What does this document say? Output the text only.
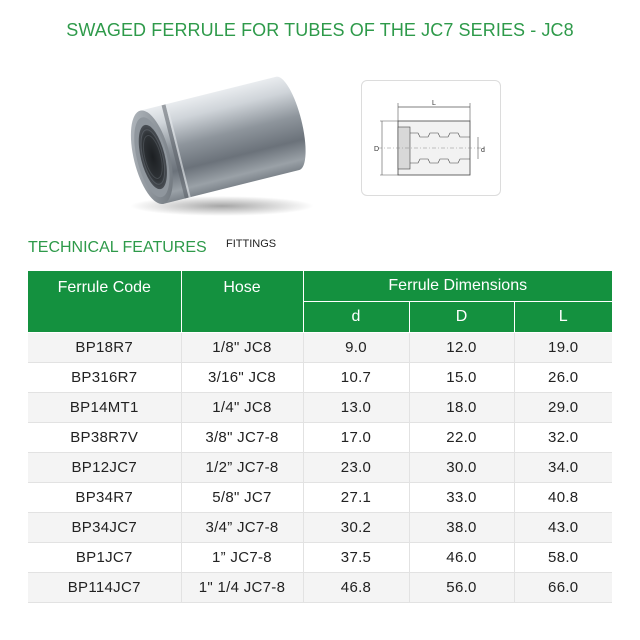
SWAGED FERRULE FOR TUBES OF THE JC7 SERIES - JC8
L
D	d
TECHNICAL FEATURES FITTINGS
Ferrule Code	Hose	Ferrule Dimensions		
		d	D	L
BP18R7	1/8" JC8	9.0	12.0	19.0
BP316R7	3/16" JC8	10.7	15.0	26.0
BP14MT1	1/4" JC8	13.0	18.0	29.0
BP38R7V	3/8" JC7-8	17.0	22.0	32.0
BP12JC7	1/2” JC7-8	23.0	30.0	34.0
BP34R7	5/8" JC7	27.1	33.0	40.8
BP34JC7	3/4” JC7-8	30.2	38.0	43.0
BP1JC7	1” JC7-8	37.5	46.0	58.0
BP114JC7	1" 1/4 JC7-8	46.8	56.0	66.0
